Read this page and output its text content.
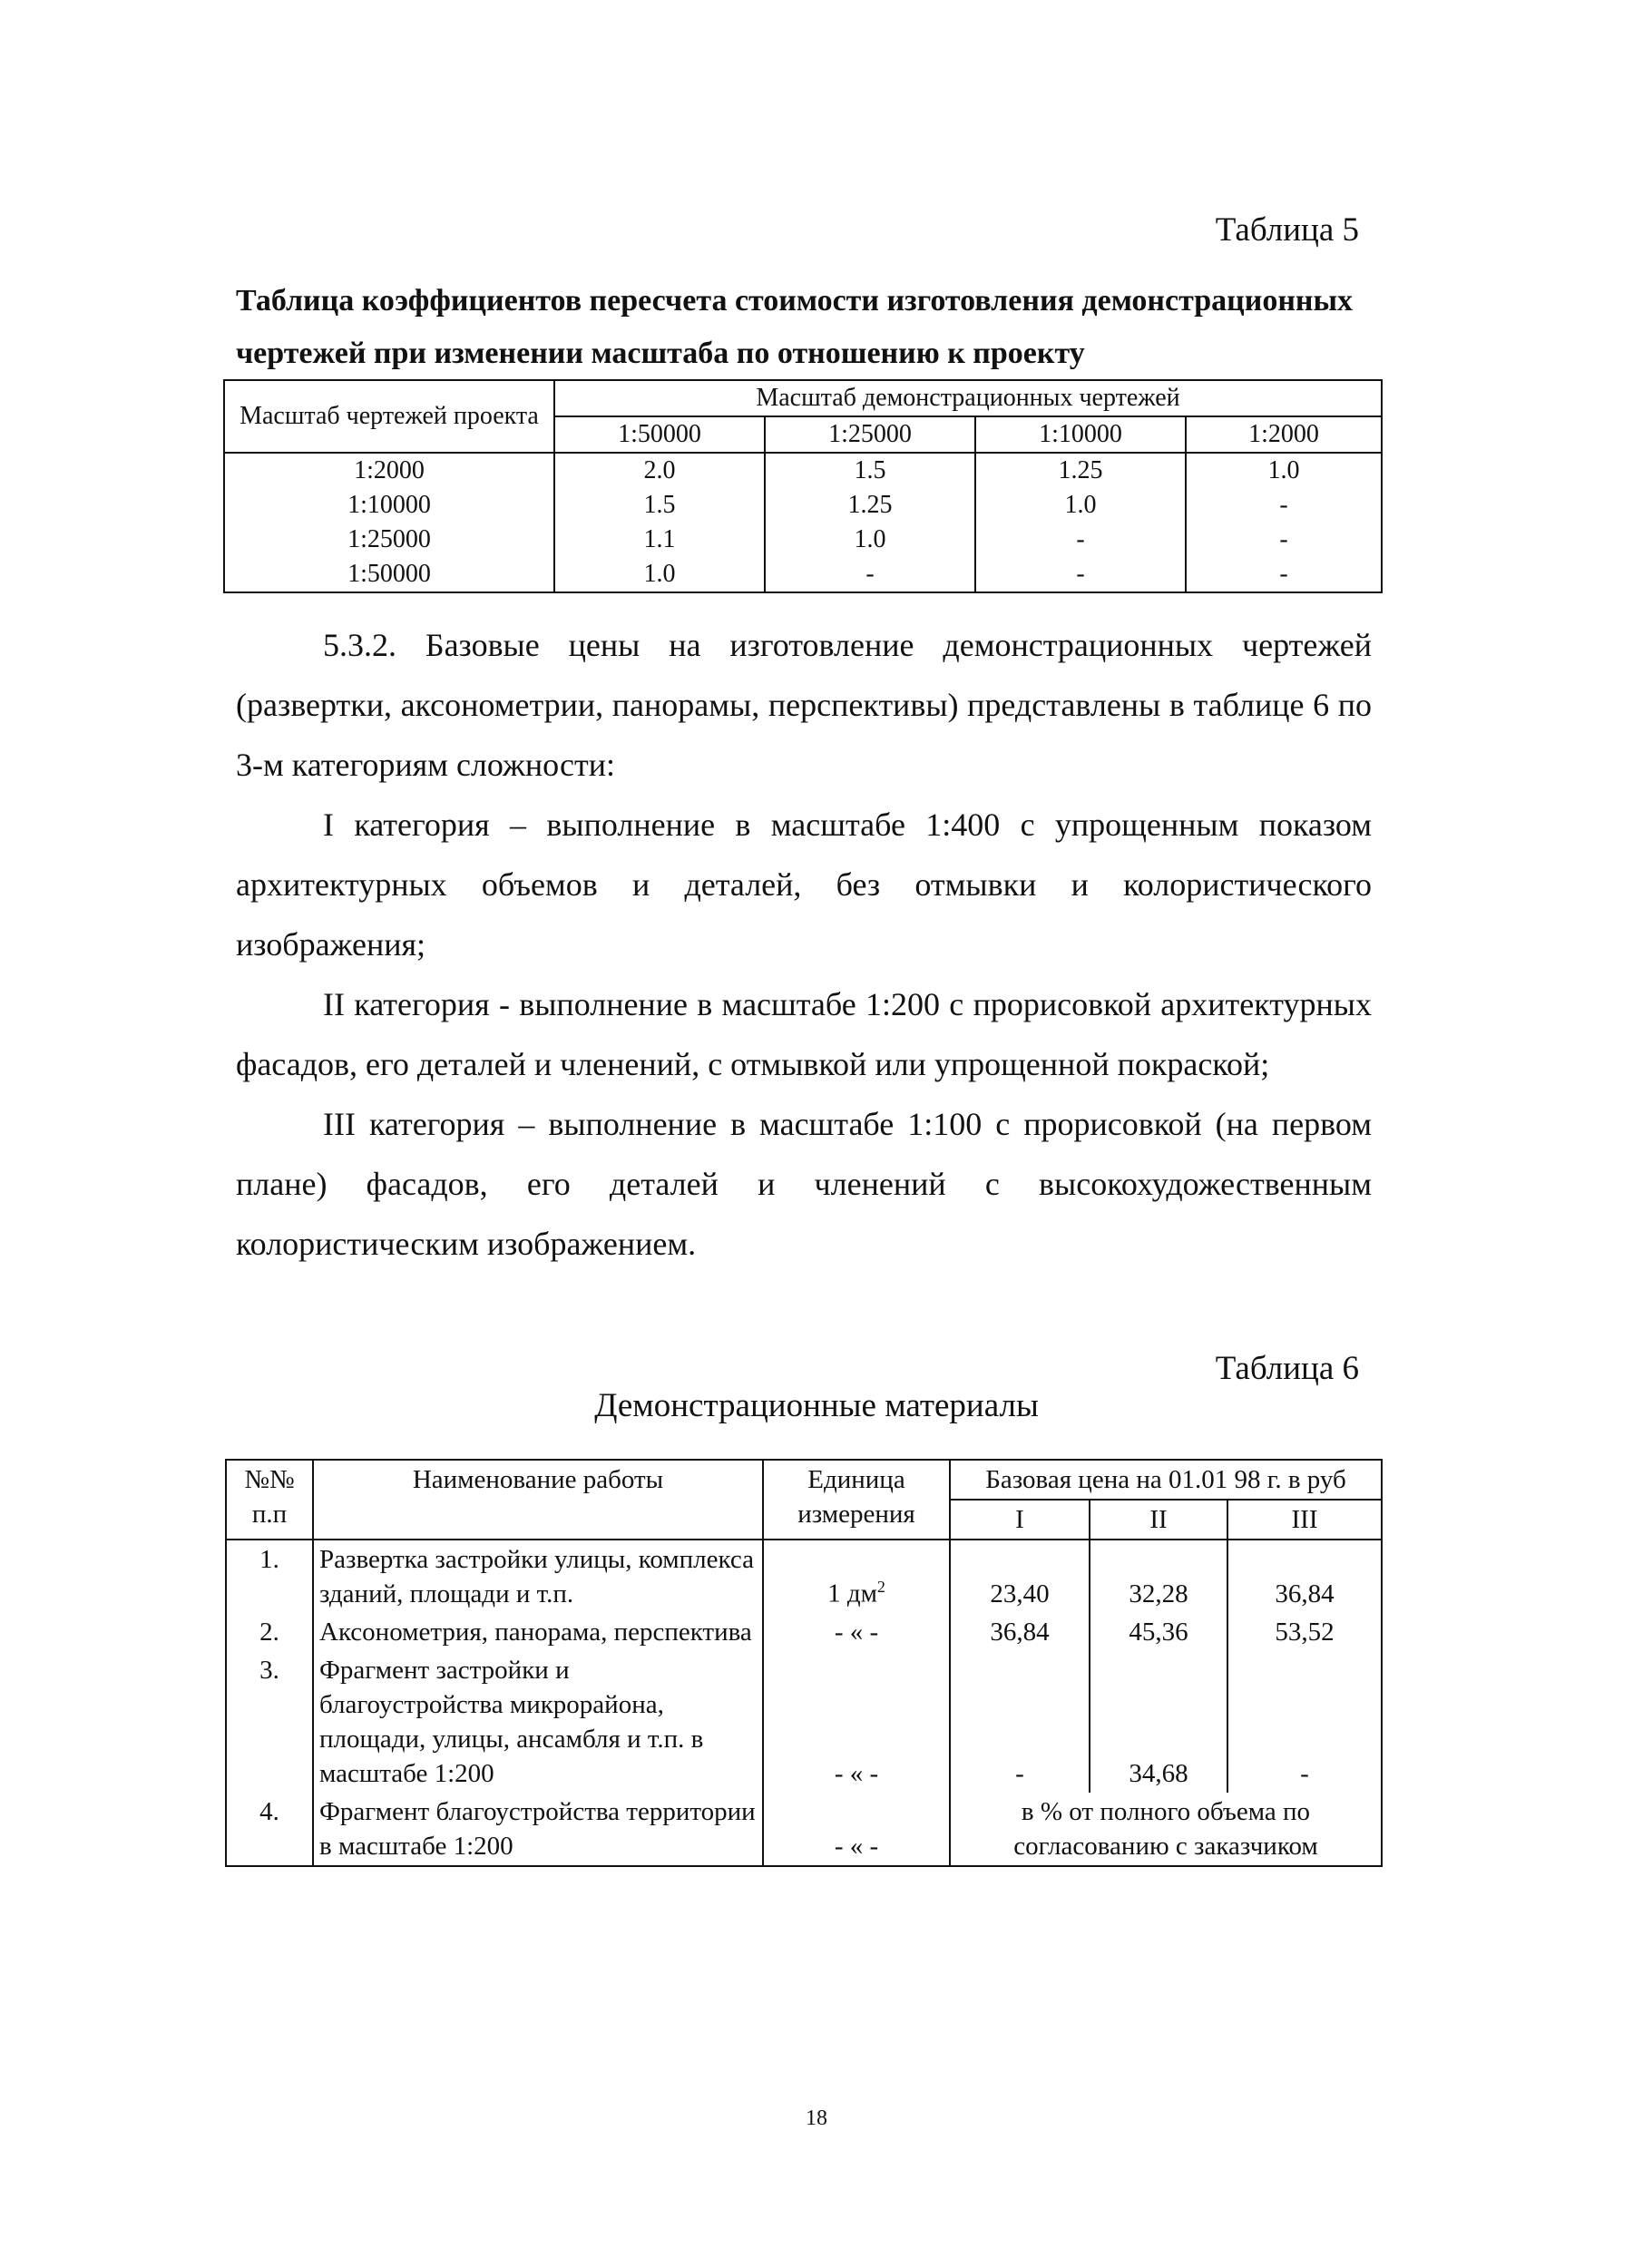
Таблица 5
Таблица коэффициентов пересчета стоимости изготовления демонстрационных чертежей при изменении масштаба по отношению к проекту
Масштаб чертежей проекта	Масштаб демонстрационных чертежей			
	1:50000	1:25000	1:10000	1:2000
1:2000	2.0	1.5	1.25	1.0
1:10000	1.5	1.25	1.0	-
1:25000	1.1	1.0	-	-
1:50000	1.0	-	-	-

5.3.2. Базовые цены на изготовление демонстрационных чертежей (развертки, аксонометрии, панорамы, перспективы) представлены в таблице 6 по 3-м категориям сложности:

I категория – выполнение в масштабе 1:400 с упрощенным показом архитектурных объемов и деталей, без отмывки и колористического изображения;

II категория - выполнение в масштабе 1:200 с прорисовкой архитектурных фасадов, его деталей и членений, с отмывкой или упрощенной покраской;

III категория – выполнение в масштабе 1:100 с прорисовкой (на первом плане) фасадов, его деталей и членений с высокохудожественным колористическим изображением.

Таблица 6
Демонстрационные материалы
№№ п.п	Наименование работы	Единица измерения	Базовая цена на 01.01 98 г. в руб		
			I	II	III
1.	Развертка застройки улицы, комплекса зданий, площади и т.п.	1 $дм^2$	23,40	32,28	36,84
2.	Аксонометрия, панорама, перспектива	- « -	36,84	45,36	53,52
3.	Фрагмент застройки и благоустройства микрорайона, площади, улицы, ансамбля и т.п. в масштабе 1:200	- « -	-	34,68	-
4.	Фрагмент благоустройства территории в масштабе 1:200	- « -	в % от полного объема по согласованию с заказчиком		
18
